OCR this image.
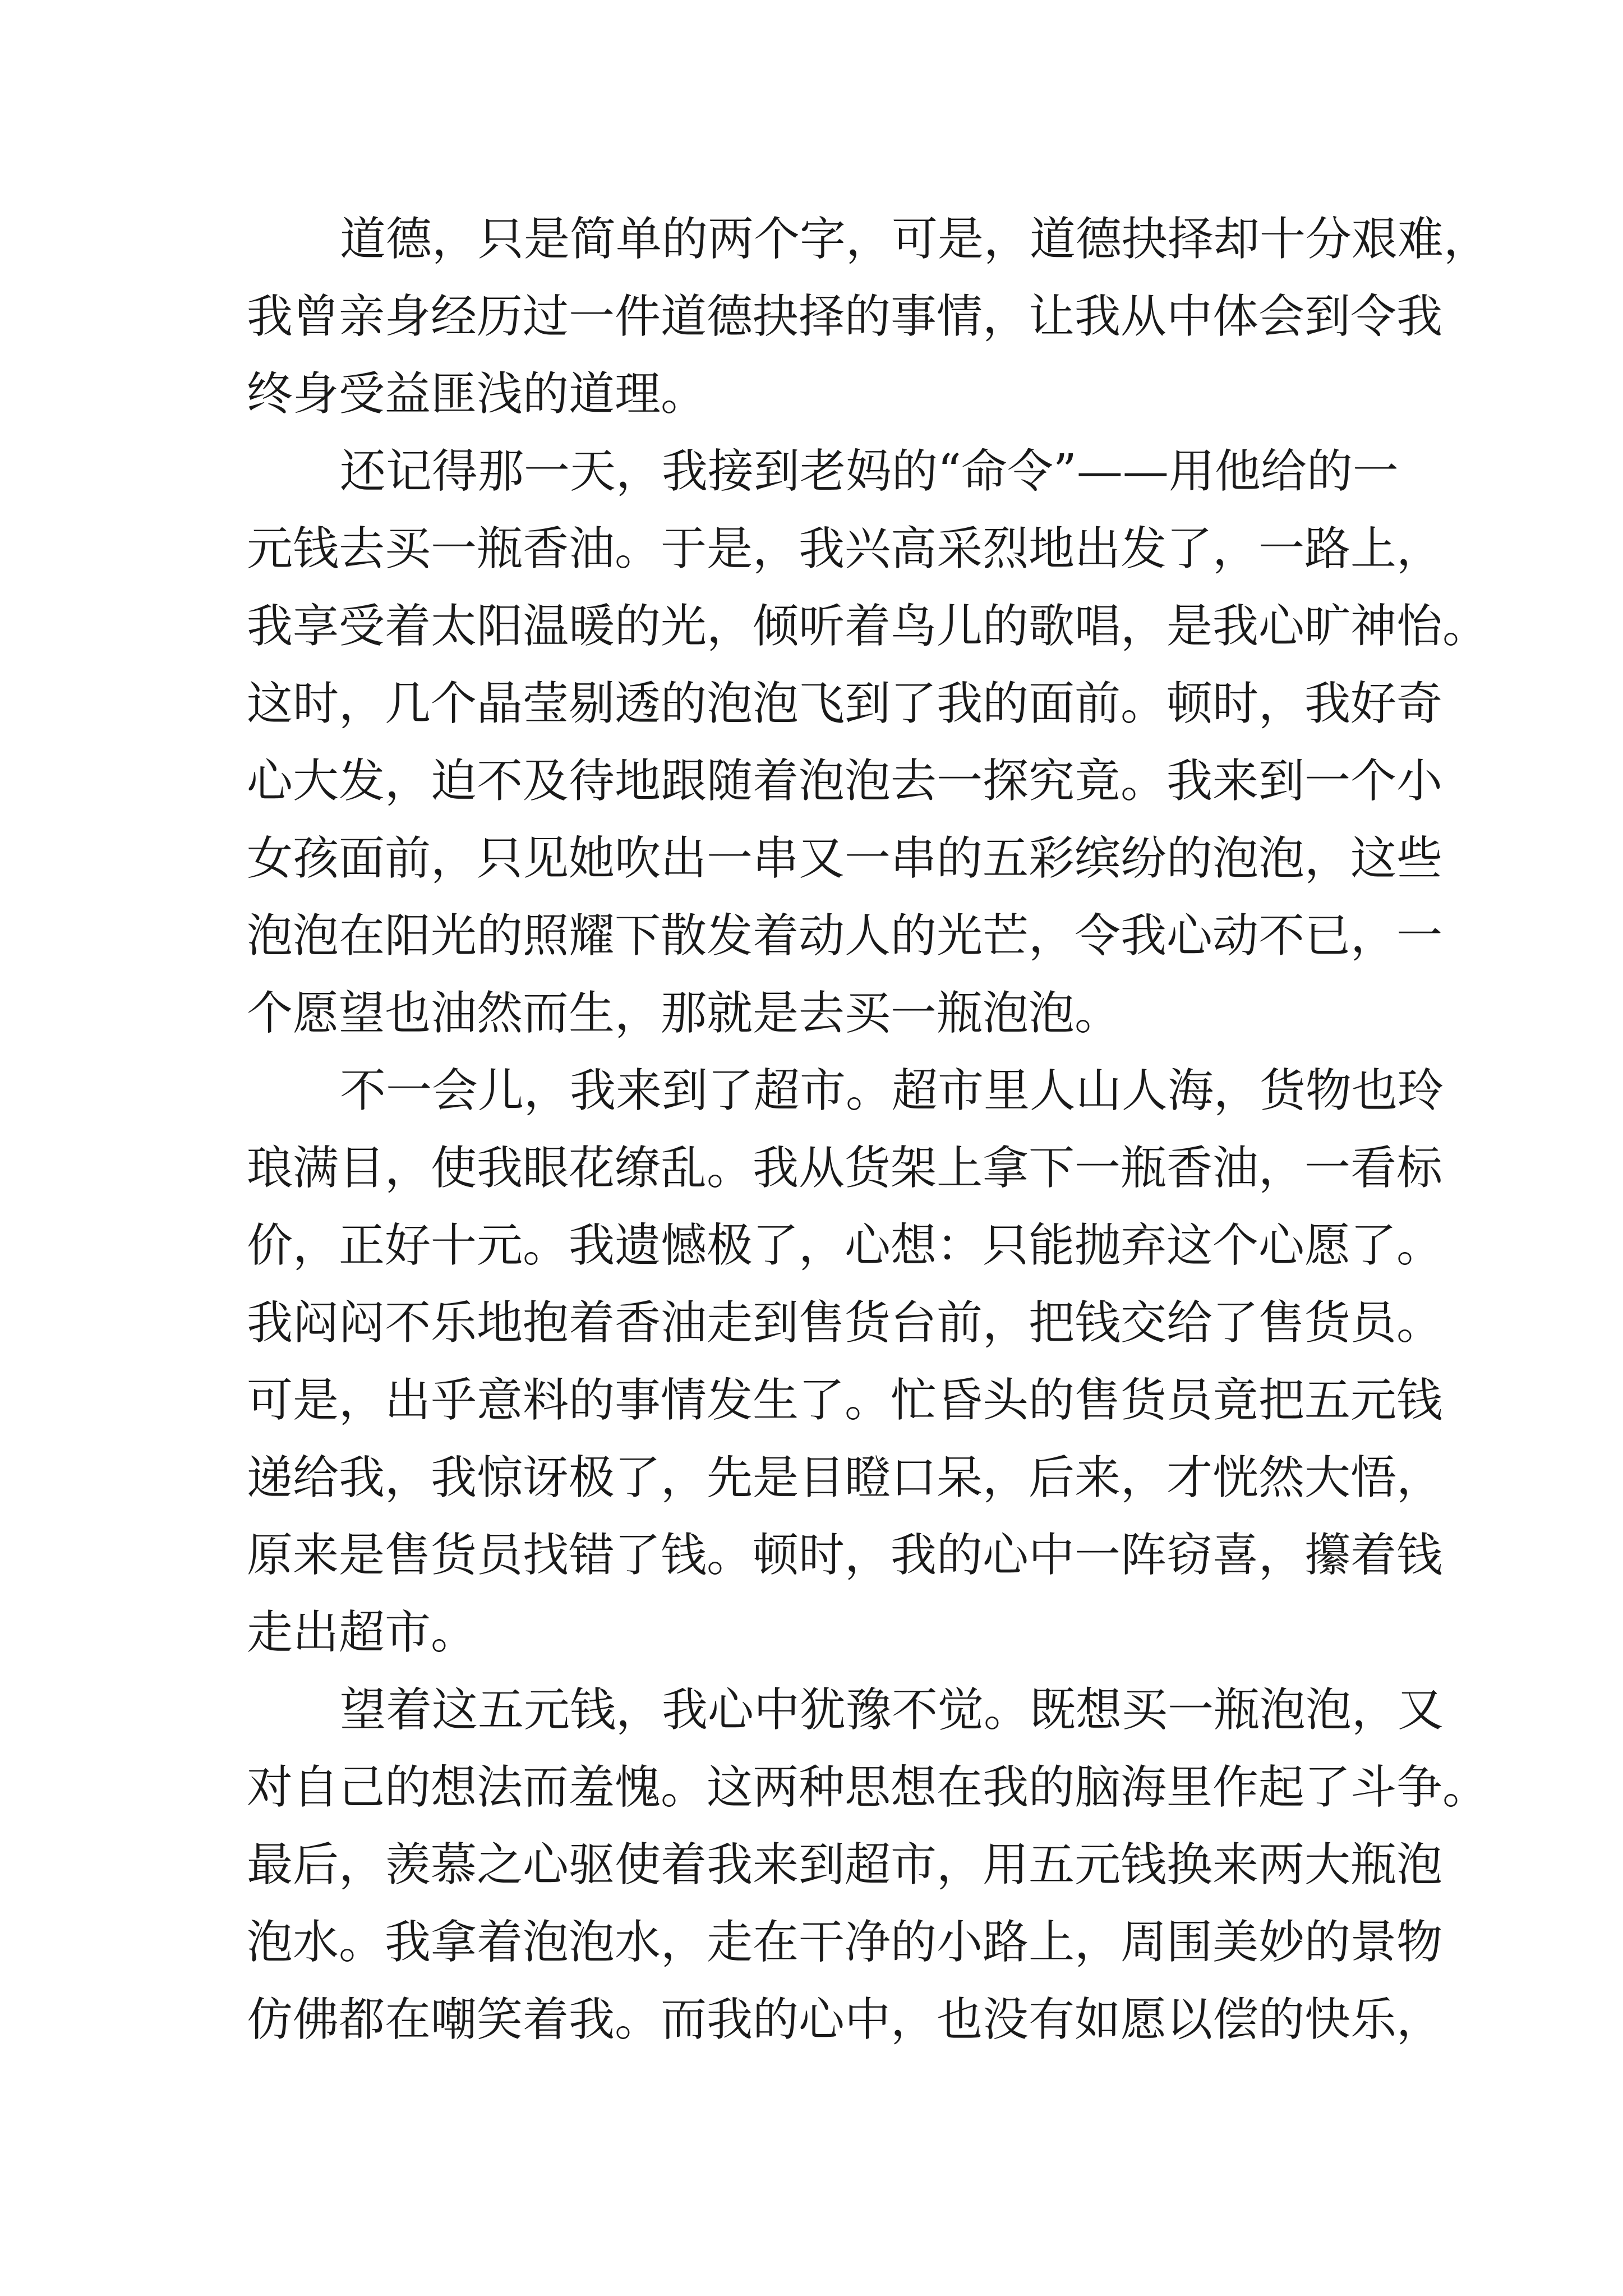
道德，只是简单的两个字，可是，道德抉择却十分艰难，
我曾亲身经历过一件道德抉择的事情，让我从中体会到令我
终身受益匪浅的道理。
还记得那一天，我接到老妈的“命令”——用他给的一
元钱去买一瓶香油。于是，我兴高采烈地出发了，一路上，
我享受着太阳温暖的光，倾听着鸟儿的歌唱，是我心旷神怡。
这时，几个晶莹剔透的泡泡飞到了我的面前。顿时，我好奇
心大发，迫不及待地跟随着泡泡去一探究竟。我来到一个小
女孩面前，只见她吹出一串又一串的五彩缤纷的泡泡，这些
泡泡在阳光的照耀下散发着动人的光芒，令我心动不已，一
个愿望也油然而生，那就是去买一瓶泡泡。
不一会儿，我来到了超市。超市里人山人海，货物也玲
琅满目，使我眼花缭乱。我从货架上拿下一瓶香油，一看标
价，正好十元。我遗憾极了，心想：只能抛弃这个心愿了。
我闷闷不乐地抱着香油走到售货台前，把钱交给了售货员。
可是，出乎意料的事情发生了。忙昏头的售货员竟把五元钱
递给我，我惊讶极了，先是目瞪口呆，后来，才恍然大悟，
原来是售货员找错了钱。顿时，我的心中一阵窃喜，攥着钱
走出超市。
望着这五元钱，我心中犹豫不觉。既想买一瓶泡泡，又
对自己的想法而羞愧。这两种思想在我的脑海里作起了斗争。
最后，羡慕之心驱使着我来到超市，用五元钱换来两大瓶泡
泡水。我拿着泡泡水，走在干净的小路上，周围美妙的景物
仿佛都在嘲笑着我。而我的心中，也没有如愿以偿的快乐，
